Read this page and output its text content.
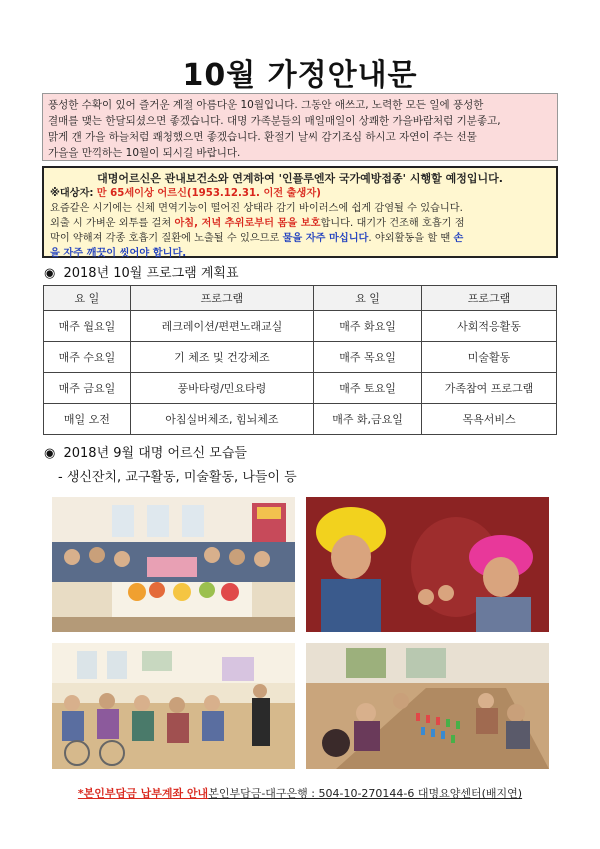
10월 가정안내문
풍성한 수확이 있어 즐거운 계절 아름다운 10월입니다. 그동안 애쓰고, 노력한 모든 일에 풍성한
결매를 맺는 한달되셨으면 좋겠습니다. 대명 가족분들의 매일매일이 상쾌한 가을바람처럼 기분좋고,
맑게 갠 가을 하늘처럼 쾌청했으면 좋겠습니다. 환절기 날씨 감기조심 하시고 자연이 주는 선물
가을을 만끽하는 10월이 되시길 바랍니다.
대명어르신은 관내보건소와 연계하여 '인플루엔자 국가예방접종' 시행할 예정입니다.
※대상자: 만 65세이상 어르신(1953.12.31. 이전 출생자)
요즘같은 시기에는 신체 면역기능이 떨어진 상태라 감기 바이러스에 쉽게 감염될 수 있습니다.
외출 시 가벼운 외투를 걸쳐 아침, 저녁 추위로부터 몸을 보호합니다. 대기가 건조해 호흡기 점
막이 약해져 각종 호흡기 질환에 노출될 수 있으므로 물을 자주 마십니다. 야외활동을 할 땐 손
을 자주 깨끗이 씻어야 합니다.
◉ 2018년 10월 프로그램 계획표
요 일	프로그램	요 일	프로그램
매주 월요일	레크레이션/편편노래교실	매주 화요일	사회적응활동
매주 수요일	기 체조 및 건강체조	매주 목요일	미술활동
매주 금요일	풍바타령/민요타령	매주 토요일	가족참여 프로그램
매일 오전	아침실버체조, 힘뇌체조	매주 화,금요일	목욕서비스
◉ 2018년 9월 대명 어르신 모습들
- 생신잔치, 교구활동, 미술활동, 나들이 등
*본인부담금 납부계좌 안내본인부담금-대구은행 : 504-10-270144-6 대명요양센터(배지연)
